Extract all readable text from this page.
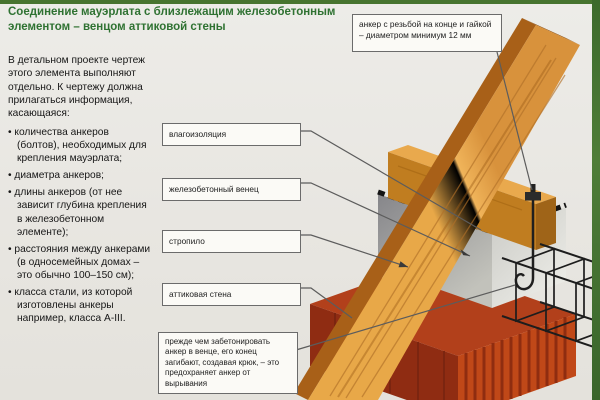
Соединение мауэрлата с близлежащим железобетонным элементом – венцом аттиковой стены

В детальном проекте чертеж этого элемента выполняют отдельно. К чертежу должна прилагаться информация, касающаяся:

• количества анкеров (болтов), необходимых для крепления мауэрлата;
• диаметра анкеров;
• длины анкеров (от нее зависит глубина крепления в железобетонном элементе);
• расстояния между анкерами (в односемейных домах – это обычно 100–150 см);
• класса стали, из которой изготовлены анкеры например, класса А-III.
анкер с резьбой на конце и гайкой – диаметром минимум 12 мм
влагоизоляция
железобетонный венец
стропило
аттиковая стена
прежде чем забетонировать анкер в венце, его конец загибают, создавая крюк, – это предохраняет анкер от вырывания
